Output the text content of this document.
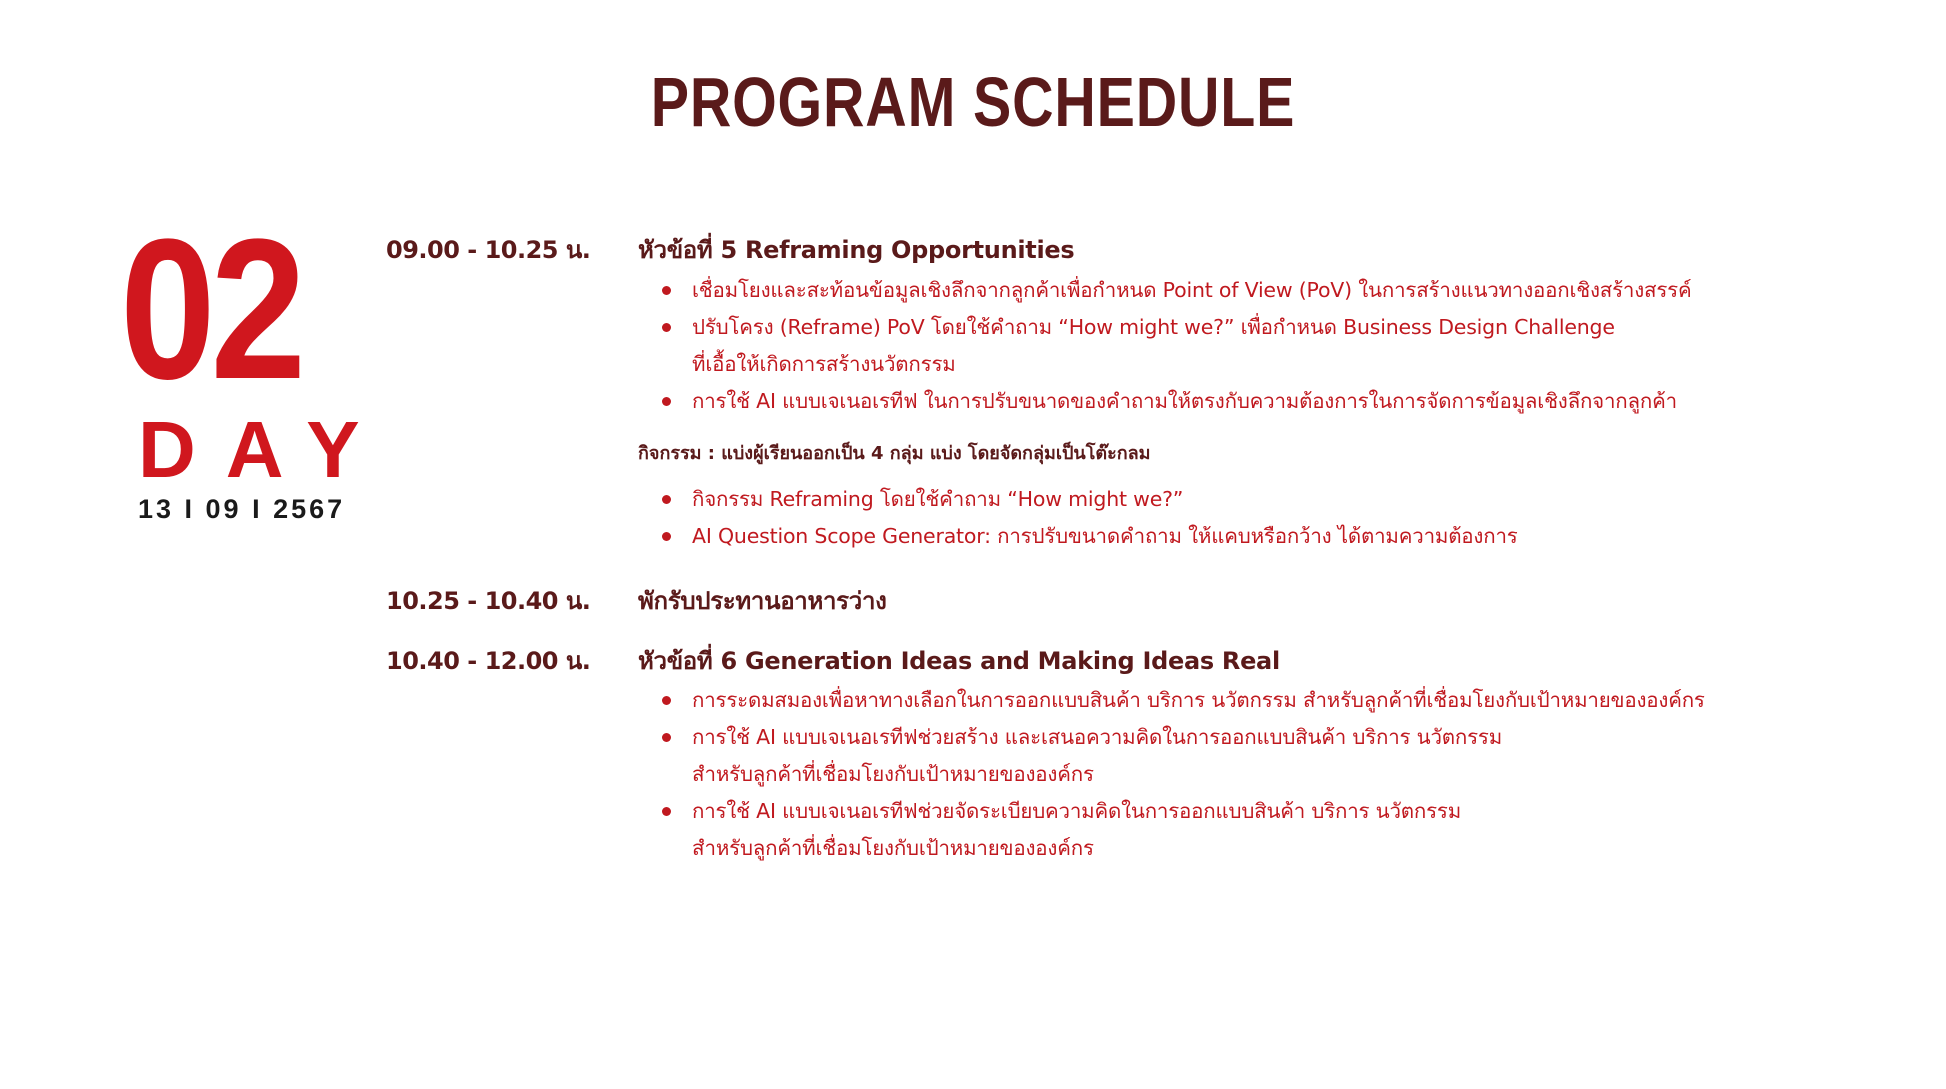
PROGRAM SCHEDULE
02
DAY
13 I 09 I 2567
09.00 - 10.25 น.	หัวข้อที่ 5 Reframing Opportunities
เชื่อมโยงและสะท้อนข้อมูลเชิงลึกจากลูกค้าเพื่อกำหนด Point of View (PoV) ในการสร้างแนวทางออกเชิงสร้างสรรค์
ปรับโครง (Reframe) PoV โดยใช้คำถาม “How might we?” เพื่อกำหนด Business Design Challenge
ที่เอื้อให้เกิดการสร้างนวัตกรรม
การใช้ AI แบบเจเนอเรทีฟ ในการปรับขนาดของคำถามให้ตรงกับความต้องการในการจัดการข้อมูลเชิงลึกจากลูกค้า
กิจกรรม : แบ่งผู้เรียนออกเป็น 4 กลุ่ม แบ่ง โดยจัดกลุ่มเป็นโต๊ะกลม
กิจกรรม Reframing โดยใช้คำถาม “How might we?”
AI Question Scope Generator: การปรับขนาดคำถาม ให้แคบหรือกว้าง ได้ตามความต้องการ
10.25 - 10.40 น.	พักรับประทานอาหารว่าง
10.40 - 12.00 น.	หัวข้อที่ 6 Generation Ideas and Making Ideas Real
การระดมสมองเพื่อหาทางเลือกในการออกแบบสินค้า บริการ นวัตกรรม สำหรับลูกค้าที่เชื่อมโยงกับเป้าหมายขององค์กร
การใช้ AI แบบเจเนอเรทีฟช่วยสร้าง และเสนอความคิดในการออกแบบสินค้า บริการ นวัตกรรม
สำหรับลูกค้าที่เชื่อมโยงกับเป้าหมายขององค์กร
การใช้ AI แบบเจเนอเรทีฟช่วยจัดระเบียบความคิดในการออกแบบสินค้า บริการ นวัตกรรม
สำหรับลูกค้าที่เชื่อมโยงกับเป้าหมายขององค์กร
